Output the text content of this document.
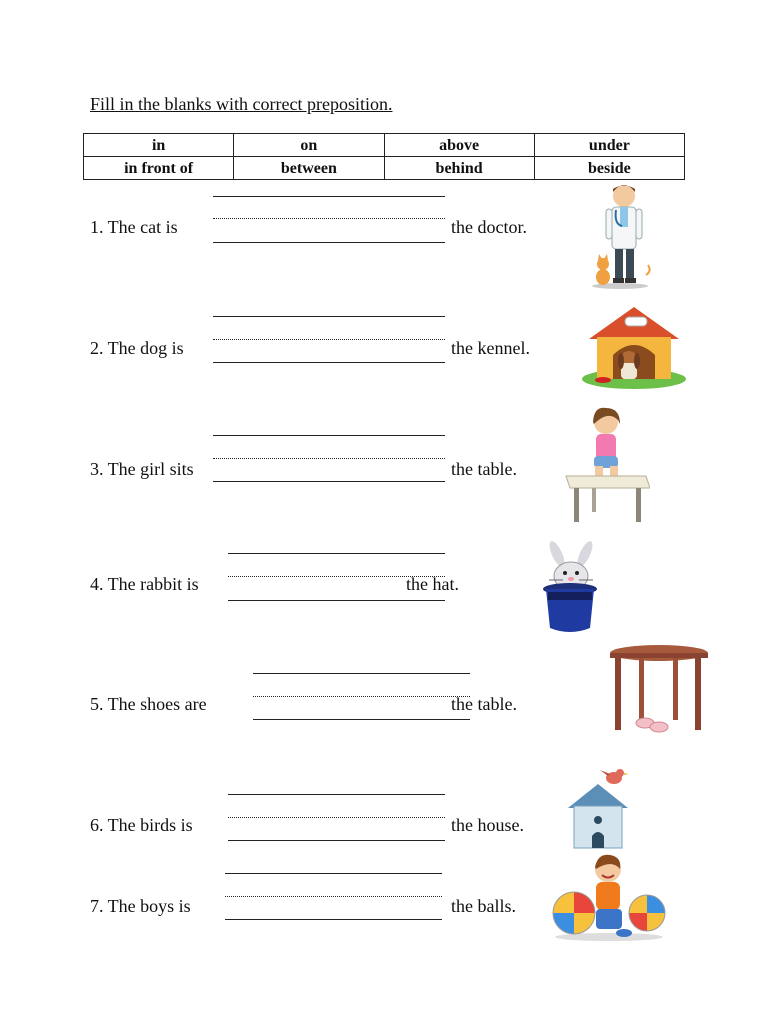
Fill in the blanks with correct preposition.
in	on	above	under
in front of	between	behind	beside
1. The cat is	the doctor.
2. The dog is	the kennel.
3. The girl sits	the table.
4. The rabbit is	the hat.
5. The shoes are	the table.
6. The birds is	the house.
7. The boys is	the balls.
